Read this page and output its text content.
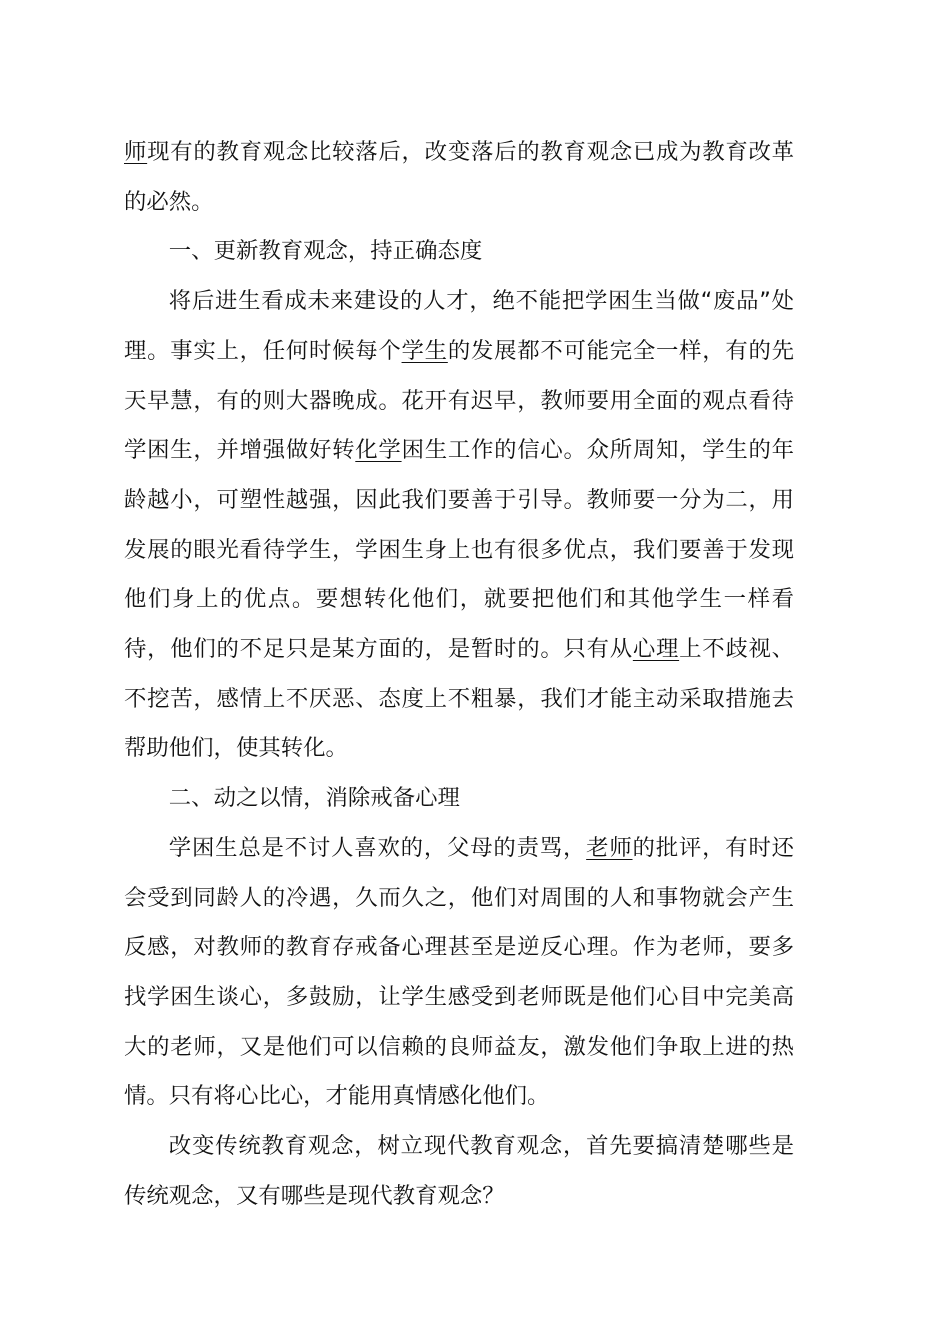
师现有的教育观念比较落后，改变落后的教育观念已成为教育改革的必然。

一、更新教育观念，持正确态度

将后进生看成未来建设的人才，绝不能把学困生当做“废品”处理。事实上，任何时候每个学生的发展都不可能完全一样，有的先天早慧，有的则大器晚成。花开有迟早，教师要用全面的观点看待学困生，并增强做好转化学困生工作的信心。众所周知，学生的年龄越小，可塑性越强，因此我们要善于引导。教师要一分为二，用发展的眼光看待学生，学困生身上也有很多优点，我们要善于发现他们身上的优点。要想转化他们，就要把他们和其他学生一样看待，他们的不足只是某方面的，是暂时的。只有从心理上不歧视、不挖苦，感情上不厌恶、态度上不粗暴，我们才能主动采取措施去帮助他们，使其转化。

二、动之以情，消除戒备心理

学困生总是不讨人喜欢的，父母的责骂，老师的批评，有时还会受到同龄人的冷遇，久而久之，他们对周围的人和事物就会产生反感，对教师的教育存戒备心理甚至是逆反心理。作为老师，要多找学困生谈心，多鼓励，让学生感受到老师既是他们心目中完美高大的老师，又是他们可以信赖的良师益友，激发他们争取上进的热情。只有将心比心，才能用真情感化他们。

改变传统教育观念，树立现代教育观念，首先要搞清楚哪些是传统观念，又有哪些是现代教育观念？
